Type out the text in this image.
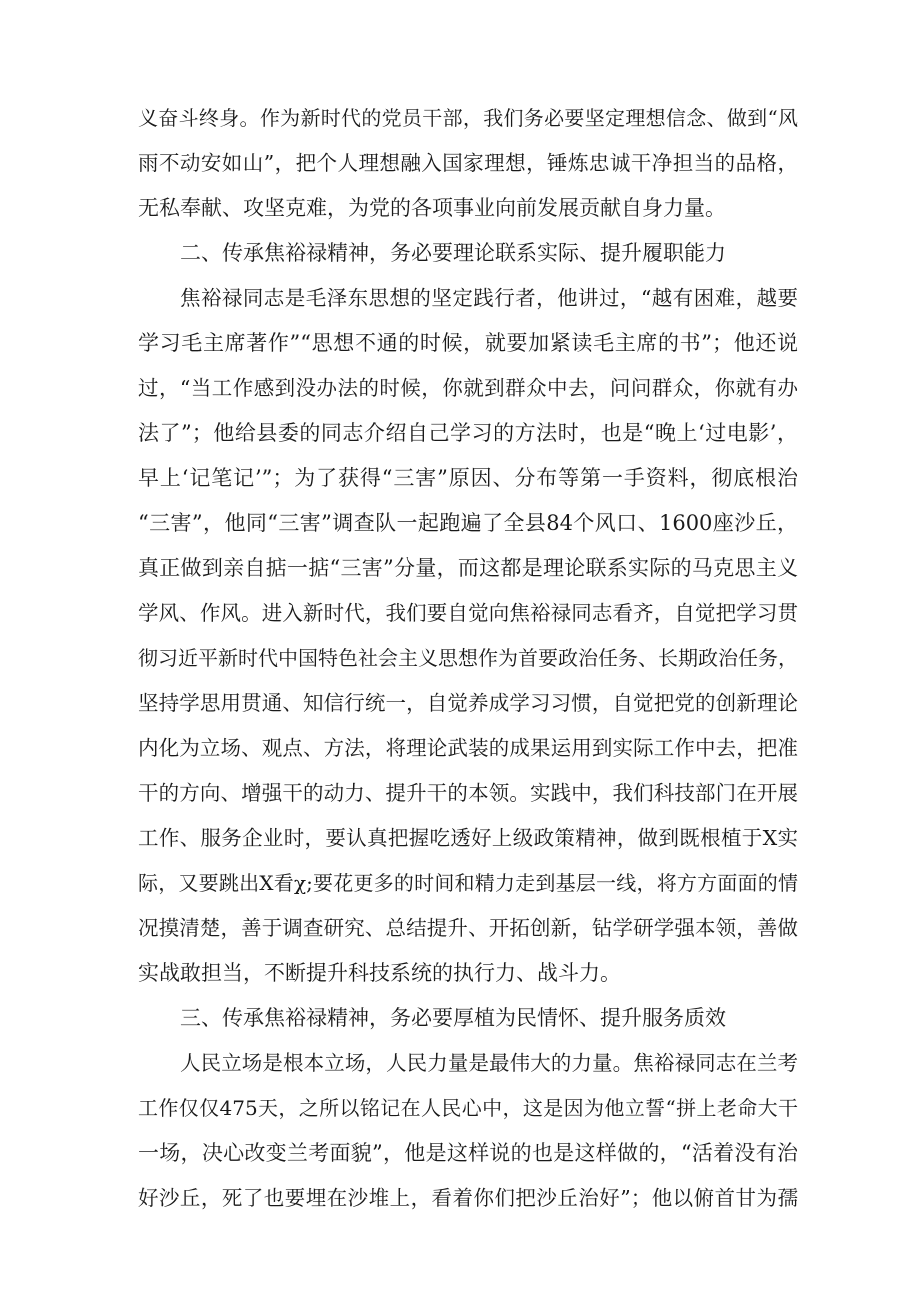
义奋斗终身。作为新时代的党员干部，我们务必要坚定理想信念、做到“风

雨不动安如山”，把个人理想融入国家理想，锤炼忠诚干净担当的品格，

无私奉献、攻坚克难，为党的各项事业向前发展贡献自身力量。

二、传承焦裕禄精神，务必要理论联系实际、提升履职能力

焦裕禄同志是毛泽东思想的坚定践行者，他讲过，“越有困难，越要

学习毛主席著作”“思想不通的时候，就要加紧读毛主席的书”；他还说

过，“当工作感到没办法的时候，你就到群众中去，问问群众，你就有办

法了”；他给县委的同志介绍自己学习的方法时，也是“晚上‘过电影’，

早上‘记笔记’”；为了获得“三害”原因、分布等第一手资料，彻底根治

“三害”，他同“三害”调查队一起跑遍了全县84个风口、1600座沙丘，

真正做到亲自掂一掂“三害”分量，而这都是理论联系实际的马克思主义

学风、作风。进入新时代，我们要自觉向焦裕禄同志看齐，自觉把学习贯

彻习近平新时代中国特色社会主义思想作为首要政治任务、长期政治任务，

坚持学思用贯通、知信行统一，自觉养成学习习惯，自觉把党的创新理论

内化为立场、观点、方法，将理论武装的成果运用到实际工作中去，把准

干的方向、增强干的动力、提升干的本领。实践中，我们科技部门在开展

工作、服务企业时，要认真把握吃透好上级政策精神，做到既根植于X实

际，又要跳出X看χ;要花更多的时间和精力走到基层一线，将方方面面的情

况摸清楚，善于调查研究、总结提升、开拓创新，钻学研学强本领，善做

实战敢担当，不断提升科技系统的执行力、战斗力。

三、传承焦裕禄精神，务必要厚植为民情怀、提升服务质效

人民立场是根本立场，人民力量是最伟大的力量。焦裕禄同志在兰考

工作仅仅475天，之所以铭记在人民心中，这是因为他立誓“拼上老命大干

一场，决心改变兰考面貌”，他是这样说的也是这样做的，“活着没有治

好沙丘，死了也要埋在沙堆上，看着你们把沙丘治好”；他以俯首甘为孺
